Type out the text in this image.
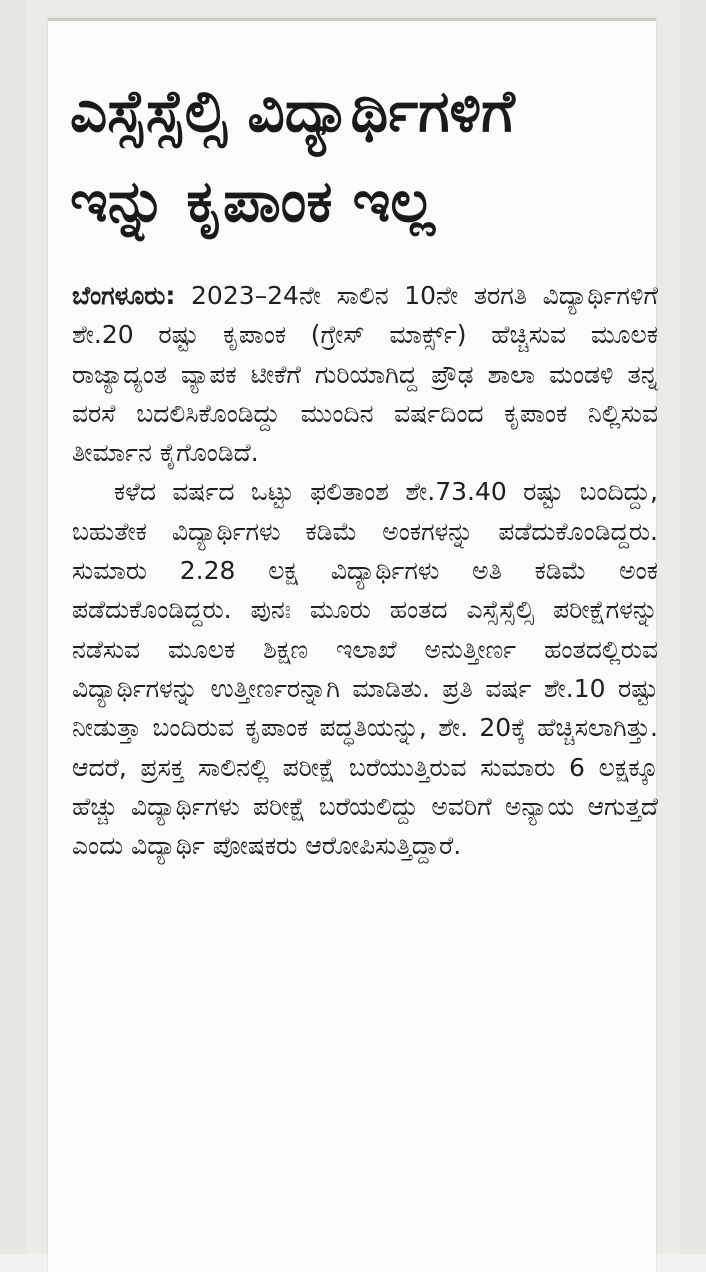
ಎಸ್ಸೆಸ್ಸೆಲ್ಸಿ ವಿದ್ಯಾರ್ಥಿಗಳಿಗೆ
ಇನ್ನು ಕೃಪಾಂಕ ಇಲ್ಲ

ಬೆಂಗಳೂರು: 2023–24ನೇ ಸಾಲಿನ 10ನೇ ತರಗತಿ ವಿದ್ಯಾರ್ಥಿಗಳಿಗೆ ಶೇ.20 ರಷ್ಟು ಕೃಪಾಂಕ (ಗ್ರೇಸ್ ಮಾರ್ಕ್ಸ್) ಹೆಚ್ಚಿಸುವ ಮೂಲಕ ರಾಜ್ಯಾದ್ಯಂತ ವ್ಯಾಪಕ ಟೀಕೆಗೆ ಗುರಿಯಾಗಿದ್ದ ಪ್ರೌಢ ಶಾಲಾ ಮಂಡಳಿ ತನ್ನ ವರಸೆ ಬದಲಿಸಿಕೊಂಡಿದ್ದು ಮುಂದಿನ ವರ್ಷದಿಂದ ಕೃಪಾಂಕ ನಿಲ್ಲಿಸುವ ತೀರ್ಮಾನ ಕೈಗೊಂಡಿದೆ.

ಕಳೆದ ವರ್ಷದ ಒಟ್ಟು ಫಲಿತಾಂಶ ಶೇ.73.40 ರಷ್ಟು ಬಂದಿದ್ದು, ಬಹುತೇಕ ವಿದ್ಯಾರ್ಥಿಗಳು ಕಡಿಮೆ ಅಂಕಗಳನ್ನು ಪಡೆದುಕೊಂಡಿದ್ದರು. ಸುಮಾರು 2.28 ಲಕ್ಷ ವಿದ್ಯಾರ್ಥಿಗಳು ಅತಿ ಕಡಿಮೆ ಅಂಕ ಪಡೆದುಕೊಂಡಿದ್ದರು. ಪುನಃ ಮೂರು ಹಂತದ ಎಸ್ಸೆಸ್ಸೆಲ್ಸಿ ಪರೀಕ್ಷೆಗಳನ್ನು ನಡೆಸುವ ಮೂಲಕ ಶಿಕ್ಷಣ ಇಲಾಖೆ ಅನುತ್ತೀರ್ಣ ಹಂತದಲ್ಲಿರುವ ವಿದ್ಯಾರ್ಥಿಗಳನ್ನು ಉತ್ತೀರ್ಣರನ್ನಾಗಿ ಮಾಡಿತು. ಪ್ರತಿ ವರ್ಷ ಶೇ.10 ರಷ್ಟು ನೀಡುತ್ತಾ ಬಂದಿರುವ ಕೃಪಾಂಕ ಪದ್ಧತಿಯನ್ನು, ಶೇ. 20ಕ್ಕೆ ಹೆಚ್ಚಿಸಲಾಗಿತ್ತು. ಆದರೆ, ಪ್ರಸಕ್ತ ಸಾಲಿನಲ್ಲಿ ಪರೀಕ್ಷೆ ಬರೆಯುತ್ತಿರುವ ಸುಮಾರು 6 ಲಕ್ಷಕ್ಕೂ ಹೆಚ್ಚು ವಿದ್ಯಾರ್ಥಿಗಳು ಪರೀಕ್ಷೆ ಬರೆಯಲಿದ್ದು ಅವರಿಗೆ ಅನ್ಯಾಯ ಆಗುತ್ತದೆ ಎಂದು ವಿದ್ಯಾರ್ಥಿ ಪೋಷಕರು ಆರೋಪಿಸುತ್ತಿದ್ದಾರೆ.
